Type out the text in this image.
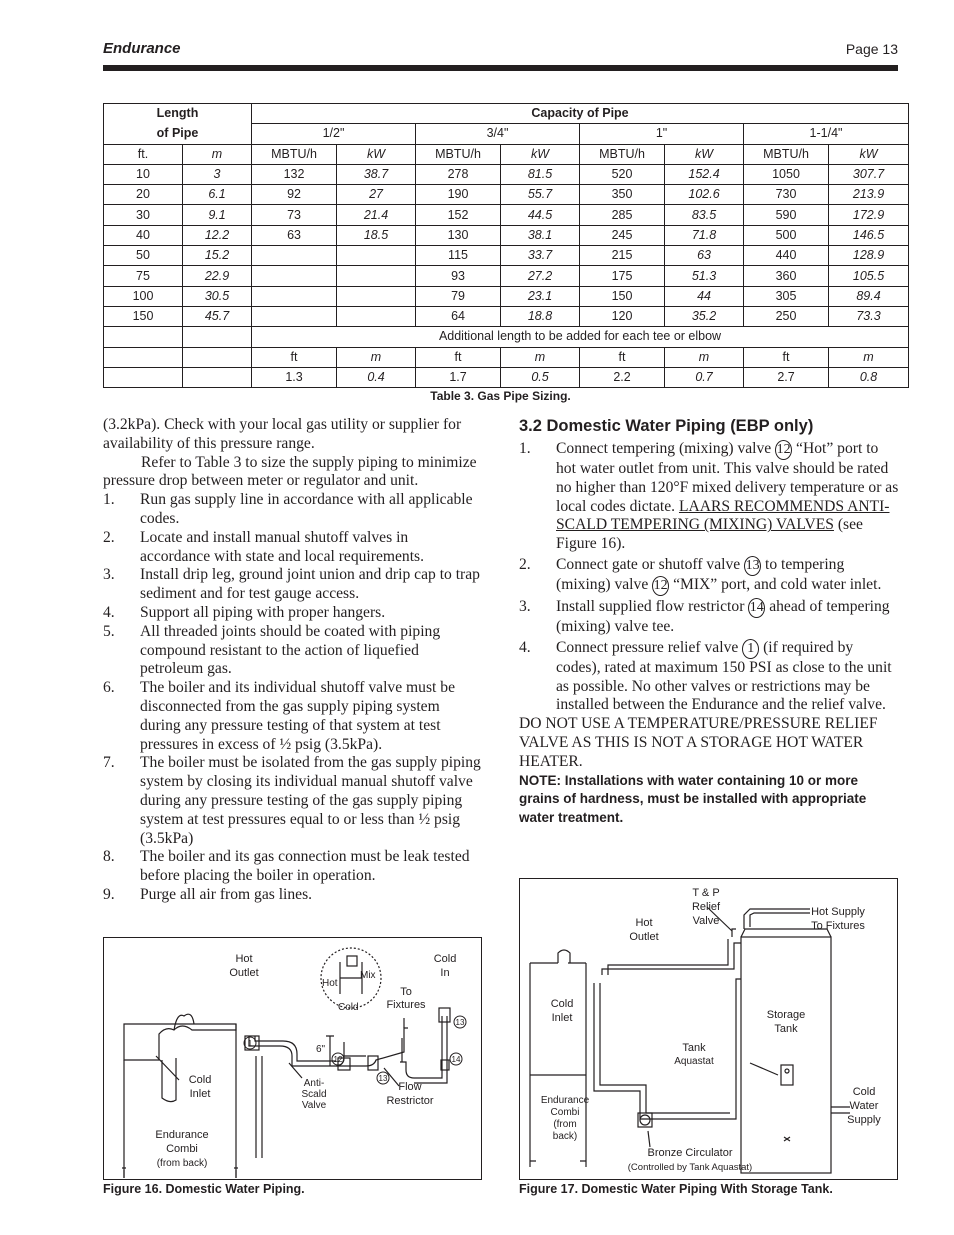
Endurance	Page 13
Length		Capacity of Pipe							
of Pipe		1/2"		3/4"		1"		1-1/4"	
ft.	m	MBTU/h	kW	MBTU/h	kW	MBTU/h	kW	MBTU/h	kW
10	3	132	38.7	278	81.5	520	152.4	1050	307.7
20	6.1	92	27	190	55.7	350	102.6	730	213.9
30	9.1	73	21.4	152	44.5	285	83.5	590	172.9
40	12.2	63	18.5	130	38.1	245	71.8	500	146.5
50	15.2			115	33.7	215	63	440	128.9
75	22.9			93	27.2	175	51.3	360	105.5
100	30.5			79	23.1	150	44	305	89.4
150	45.7			64	18.8	120	35.2	250	73.3
		Additional length to be added for each tee or elbow							
		ft	m	ft	m	ft	m	ft	m
		1.3	0.4	1.7	0.5	2.2	0.7	2.7	0.8
Table 3. Gas Pipe Sizing.

(3.2kPa). Check with your local gas utility or supplier for availability of this pressure range.

Refer to Table 3 to size the supply piping to minimize pressure drop between meter or regulator and unit.

1. Run gas supply line in accordance with all applicable codes.
2. Locate and install manual shutoff valves in accordance with state and local requirements.
3. Install drip leg, ground joint union and drip cap to trap sediment and for test gauge access.
4. Support all piping with proper hangers.
5. All threaded joints should be coated with piping compound resistant to the action of liquefied petroleum gas.
6. The boiler and its individual shutoff valve must be disconnected from the gas supply piping system during any pressure testing of that system at test pressures in excess of ½ psig (3.5kPa).
7. The boiler must be isolated from the gas supply piping system by closing its individual manual shutoff valve during any pressure testing of the gas supply piping system at test pressures equal to or less than ½ psig (3.5kPa)
8. The boiler and its gas connection must be leak tested before placing the boiler in operation.
9. Purge all air from gas lines.

3.2 Domestic Water Piping (EBP only)

1. Connect tempering (mixing) valve 12 “Hot” port to hot water outlet from unit. This valve should be rated no higher than 120°F mixed delivery temperature or as local codes dictate. LAARS RECOMMENDS ANTI-SCALD TEMPERING (MIXING) VALVES (see Figure 16).
2. Connect gate or shutoff valve 13 to tempering (mixing) valve 12 “MIX” port, and cold water inlet.
3. Install supplied flow restrictor 14 ahead of tempering (mixing) valve tee.
4. Connect pressure relief valve 1 (if required by codes), rated at maximum 150 PSI as close to the unit as possible. No other valves or restrictions may be installed between the Endurance and the relief valve.

DO NOT USE A TEMPERATURE/PRESSURE RELIEF VALVE AS THIS IS NOT A STORAGE HOT WATER HEATER.

NOTE: Installations with water containing 10 or more grains of hardness, must be installed with appropriate water treatment.

Hot
Outlet
Cold
In
Hot
Mix
Cold
To
Fixtures
6"
Cold
Inlet
Anti-
Scald
Valve
Flow
Restrictor
Endurance
Combi
(from back)
1
12
13
13
14
T & P
Relief
Valve
Hot
Outlet
Hot Supply
To Fixtures
Cold
Inlet	Storage
Tank
Tank
Aquastat
Cold
Water
Supply
Endurance
Combi
(from
back)
Bronze Circulator
(Controlled by Tank Aquastat)
Figure 16. Domestic Water Piping.	Figure 17. Domestic Water Piping With Storage Tank.
